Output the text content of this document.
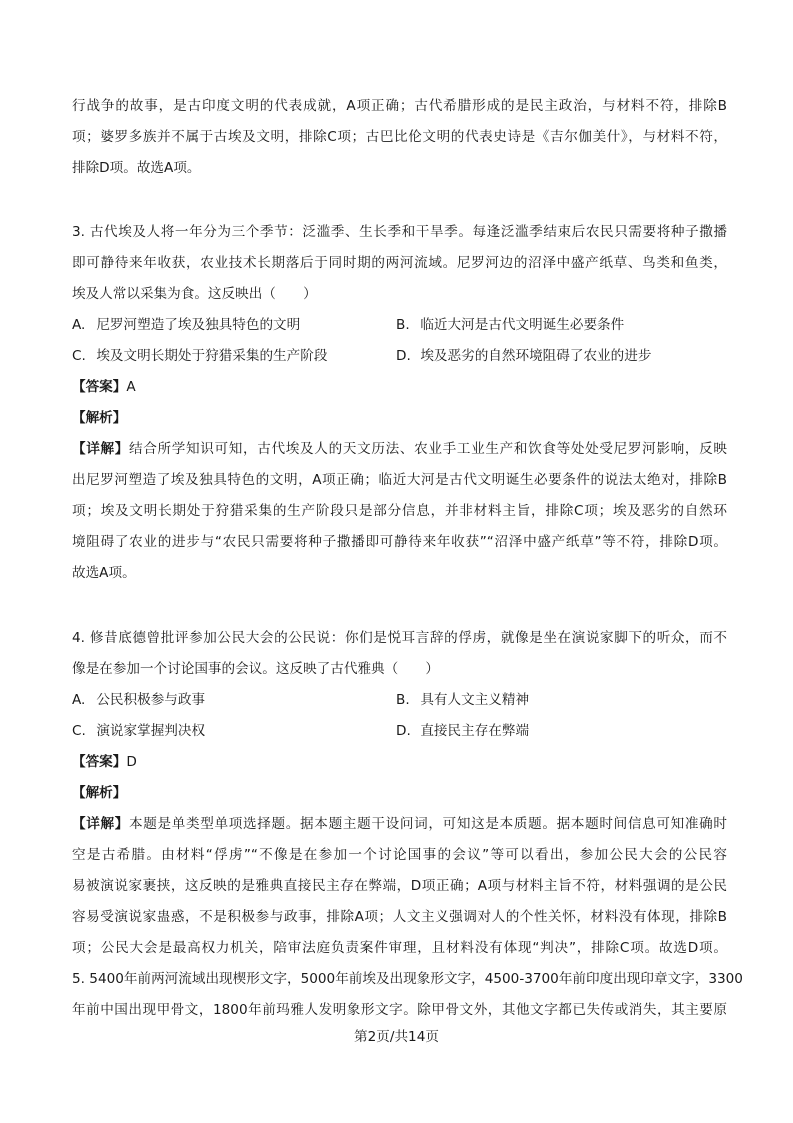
行战争的故事，是古印度文明的代表成就，A项正确；古代希腊形成的是民主政治，与材料不符，排除B
项；婆罗多族并不属于古埃及文明，排除C项；古巴比伦文明的代表史诗是《吉尔伽美什》，与材料不符，
排除D项。故选A项。
3. 古代埃及人将一年分为三个季节：泛滥季、生长季和干旱季。每逢泛滥季结束后农民只需要将种子撒播
即可静待来年收获，农业技术长期落后于同时期的两河流域。尼罗河边的沼泽中盛产纸草、鸟类和鱼类，
埃及人常以采集为食。这反映出（　　）
A. 尼罗河塑造了埃及独具特色的文明	B. 临近大河是古代文明诞生必要条件
C. 埃及文明长期处于狩猎采集的生产阶段	D. 埃及恶劣的自然环境阻碍了农业的进步
【答案】A
【解析】
【详解】结合所学知识可知，古代埃及人的天文历法、农业手工业生产和饮食等处处受尼罗河影响，反映
出尼罗河塑造了埃及独具特色的文明，A项正确；临近大河是古代文明诞生必要条件的说法太绝对，排除B
项；埃及文明长期处于狩猎采集的生产阶段只是部分信息，并非材料主旨，排除C项；埃及恶劣的自然环
境阻碍了农业的进步与“农民只需要将种子撒播即可静待来年收获”“沼泽中盛产纸草”等不符，排除D项。
故选A项。
4. 修昔底德曾批评参加公民大会的公民说：你们是悦耳言辞的俘虏，就像是坐在演说家脚下的听众，而不
像是在参加一个讨论国事的会议。这反映了古代雅典（　　）
A. 公民积极参与政事	B. 具有人文主义精神
C. 演说家掌握判决权	D. 直接民主存在弊端
【答案】D
【解析】
【详解】本题是单类型单项选择题。据本题主题干设问词，可知这是本质题。据本题时间信息可知准确时
空是古希腊。由材料“俘虏”“不像是在参加一个讨论国事的会议”等可以看出，参加公民大会的公民容
易被演说家裹挟，这反映的是雅典直接民主存在弊端，D项正确；A项与材料主旨不符，材料强调的是公民
容易受演说家蛊惑，不是积极参与政事，排除A项；人文主义强调对人的个性关怀，材料没有体现，排除B
项；公民大会是最高权力机关，陪审法庭负责案件审理，且材料没有体现“判决”，排除C项。故选D项。
5. 5400年前两河流域出现楔形文字，5000年前埃及出现象形文字，4500-3700年前印度出现印章文字，3300
年前中国出现甲骨文，1800年前玛雅人发明象形文字。除甲骨文外，其他文字都已失传或消失，其主要原
第2页/共14页
